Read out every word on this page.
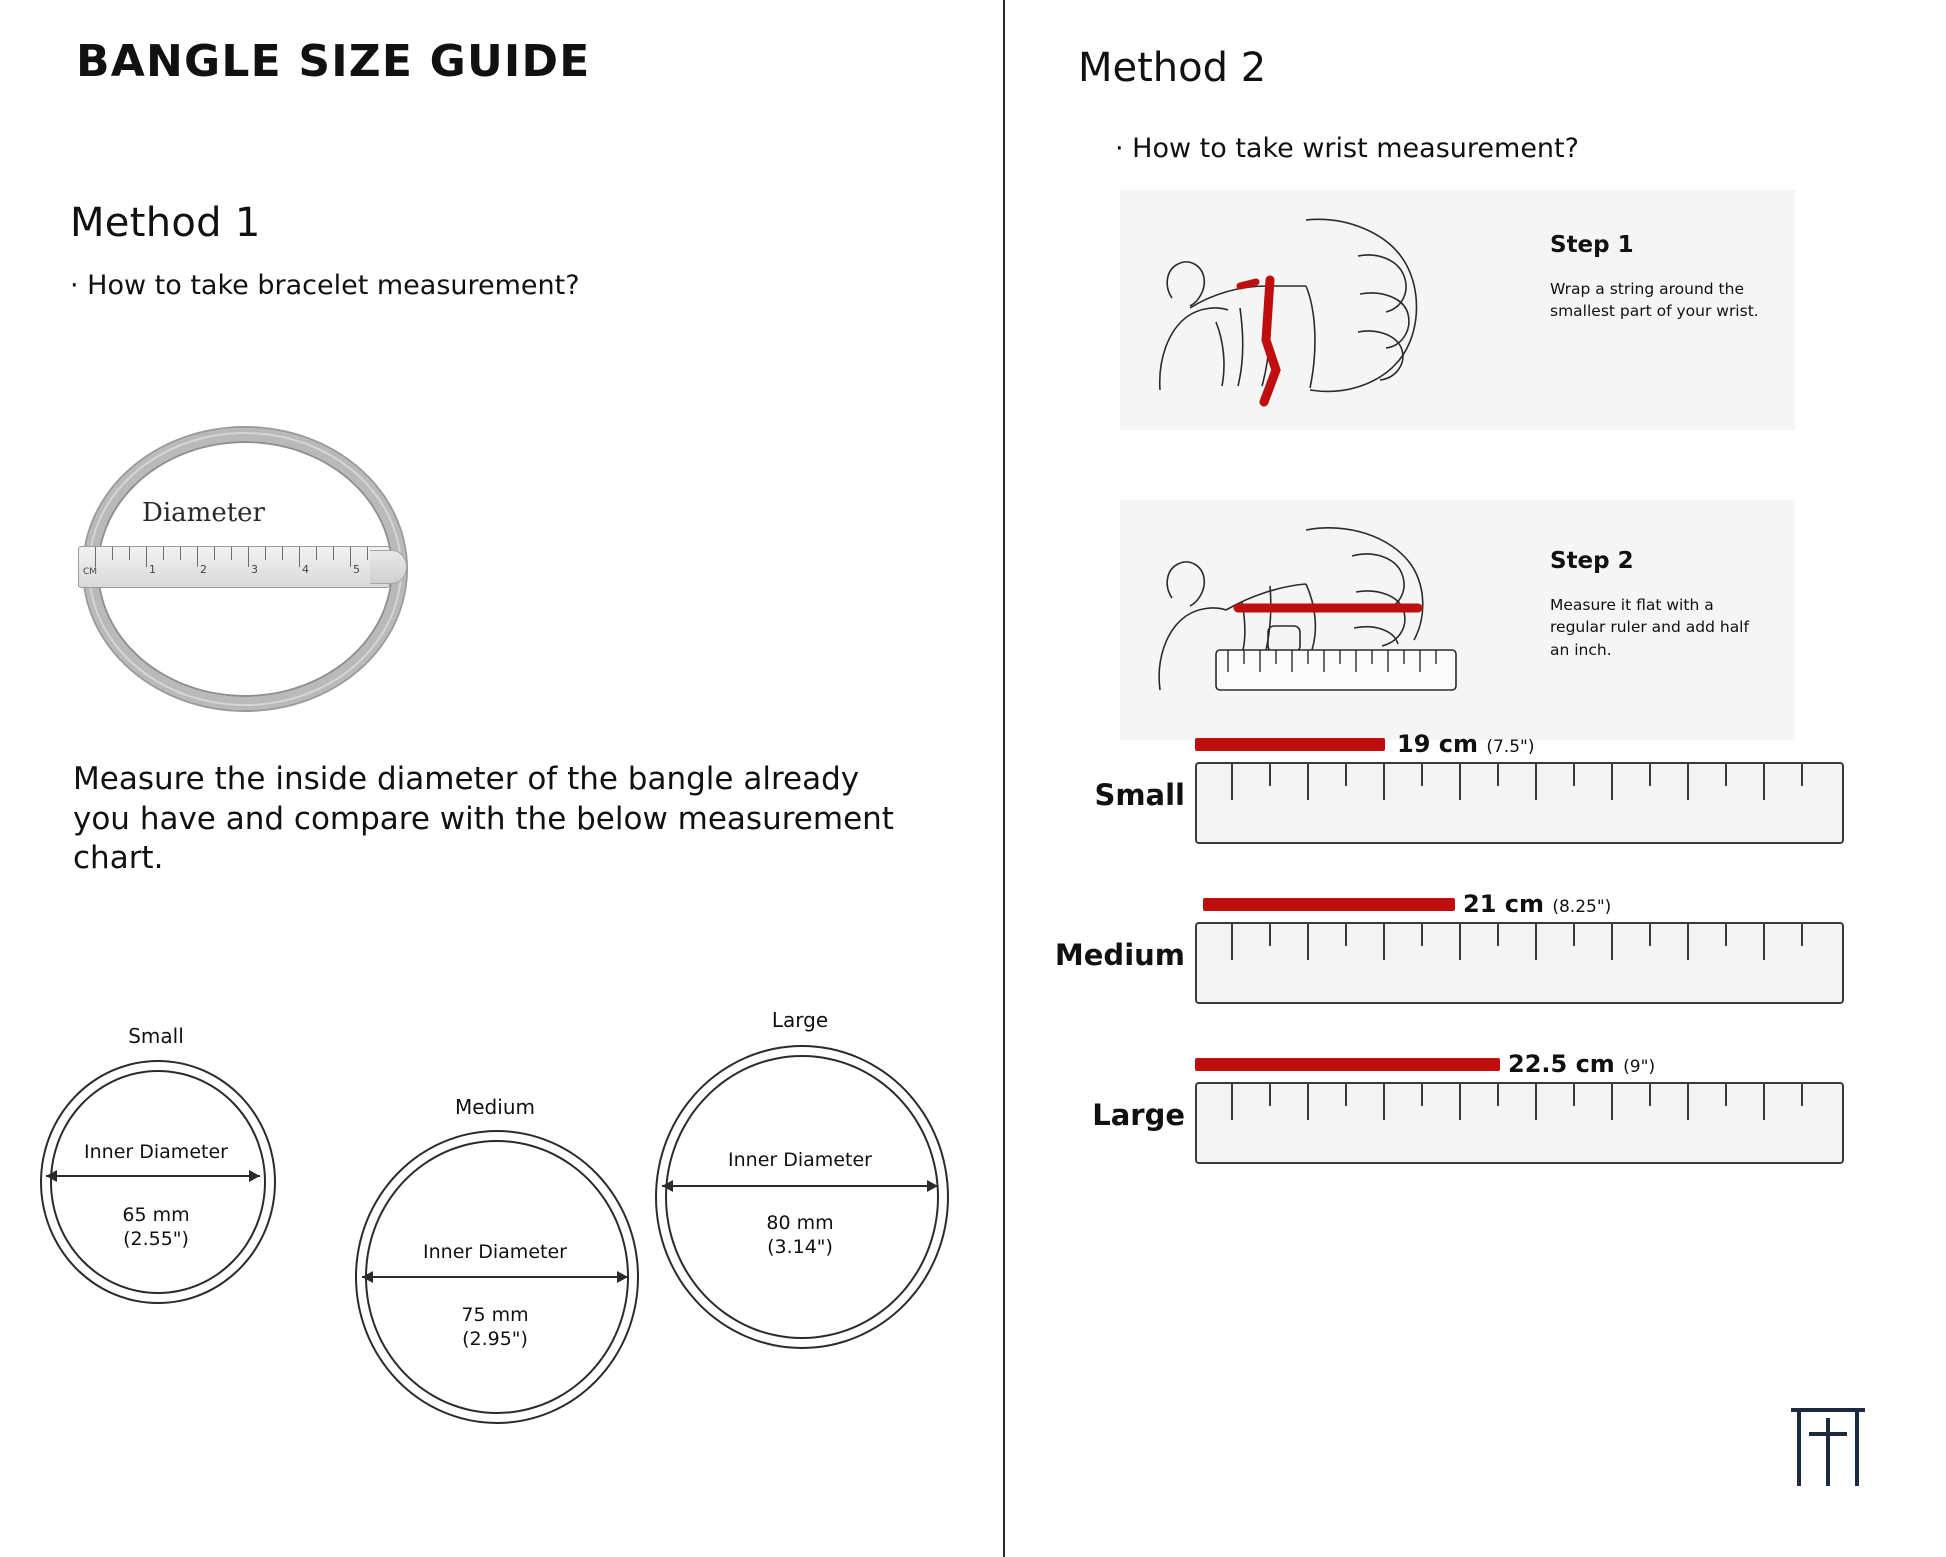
BANGLE SIZE GUIDE
Method 1
· How to take bracelet measurement?
Diameter
CM	1	2	3	4	5
Measure the inside diameter of the bangle already you have and compare with the below measurement chart.
Small
Inner Diameter
65 mm
(2.55")
Medium
Inner Diameter
75 mm
(2.95")
Large
Inner Diameter
80 mm
(3.14")
Method 2
· How to take wrist measurement?
Step 1
Wrap a string around the smallest part of your wrist.
Step 2
Measure it flat with a regular ruler and add half an inch.
Small
19 cm (7.5")
Medium
21 cm (8.25")
Large
22.5 cm (9")
